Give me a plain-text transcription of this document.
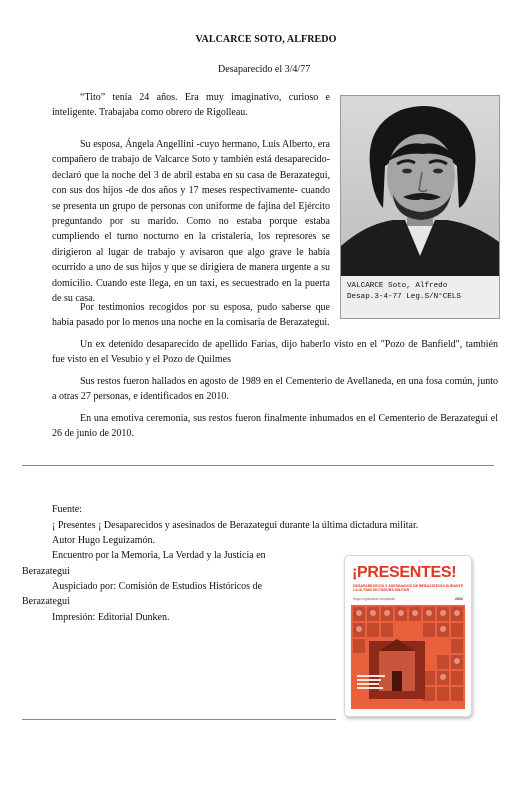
VALCARCE SOTO, ALFREDO
Desaparecido el 3/4/77

“Tito” tenía 24 años. Era muy imaginativo, curioso e inteligente. Trabajaba como obrero de Rigolleau.

Su esposa, Ángela Angellini -cuyo hermano, Luis Alberto, era compañero de trabajo de Valcarce Soto y también está desaparecido- declaró que la noche del 3 de abril estaba en su casa de Berazategui, con sus dos hijos -de dos años y 17 meses respectivamente- cuando se presenta un grupo de personas con uniforme de fajina del Ejército preguntando por su marido. Como no estaba porque estaba cumpliendo el turno nocturno en la cristalería, los represores se dirigieron al lugar de trabajo y avisaron que algo grave le había ocurrido a uno de sus hijos y que se dirigiera de manera urgente a su domicilio. Cuando este llega, en un taxi, es secuestrado en la puerta de su casa.

Por testimonios recogidos por su esposa, pudo saberse que había pasado por lo menos una noche en la comisaría de Berazategui.

Un ex detenido desaparecido de apellido Farías, dijo haberlo visto en el "Pozo de Banfield", también fue visto en el Vesubio y el Pozo de Quilmes

Sus restos fueron hallados en agosto de 1989 en el Cementerio de Avellaneda, en una fosa común, junto a otras 27 personas, e identificados en 2010.

En una emotiva ceremonia, sus restos fueron finalmente inhumados en el Cementerio de Berazategui el 26 de junio de 2010.

VALCARCE Soto, Alfredo
Desap.3-4-77 Leg.S/N°CELS
Fuente:
¡ Presentes ¡ Desaparecidos y asesinados de Berazategui durante la última dictadura militar.
Autor Hugo Leguizamón.
Encuentro por la Memoria, La Verdad y la Justicia en
Berazategui
Auspiciado por: Comisión de Estudios Históricos de
Berazategui
Impresión: Editorial Dunken.
¡PRESENTES!
DESAPARECIDOS Y ASESINADOS DE BERAZATEGUI DURANTE LA ÚLTIMA DICTADURA MILITAR
Hugo Leguizamón compilador	2022
